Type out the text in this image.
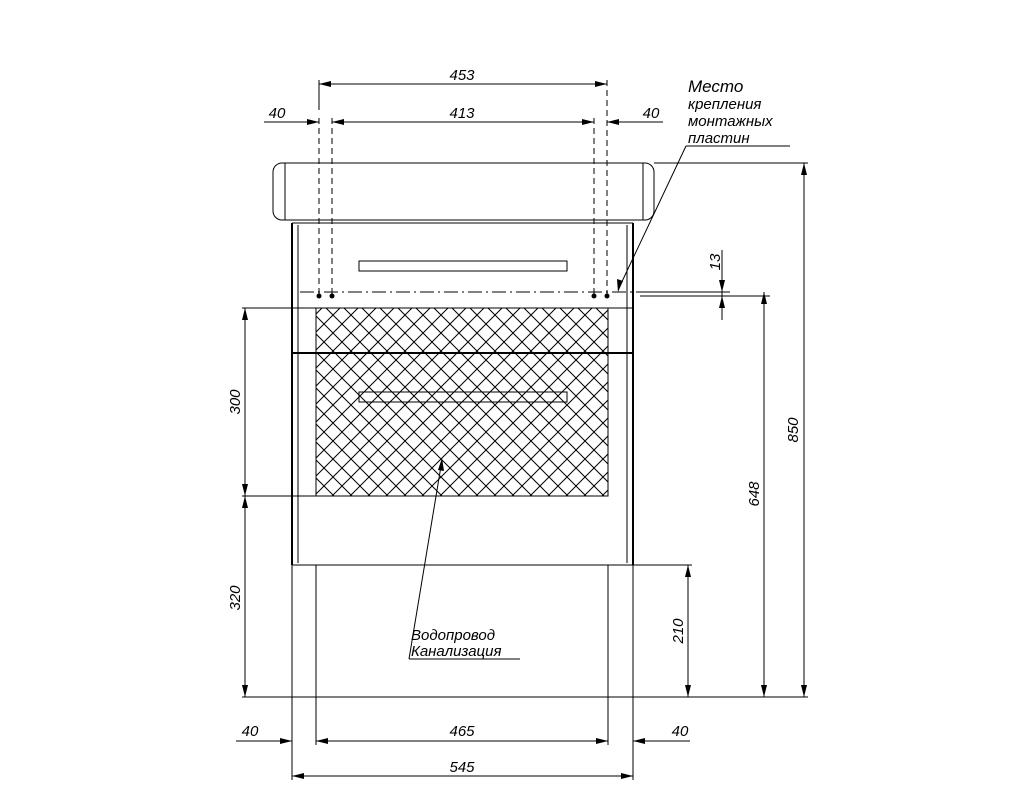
453
413
40	40
Место
крепления
монтажных
пластин
13
300
320
850
648
210
Водопровод
Канализация
40	465	40
545
